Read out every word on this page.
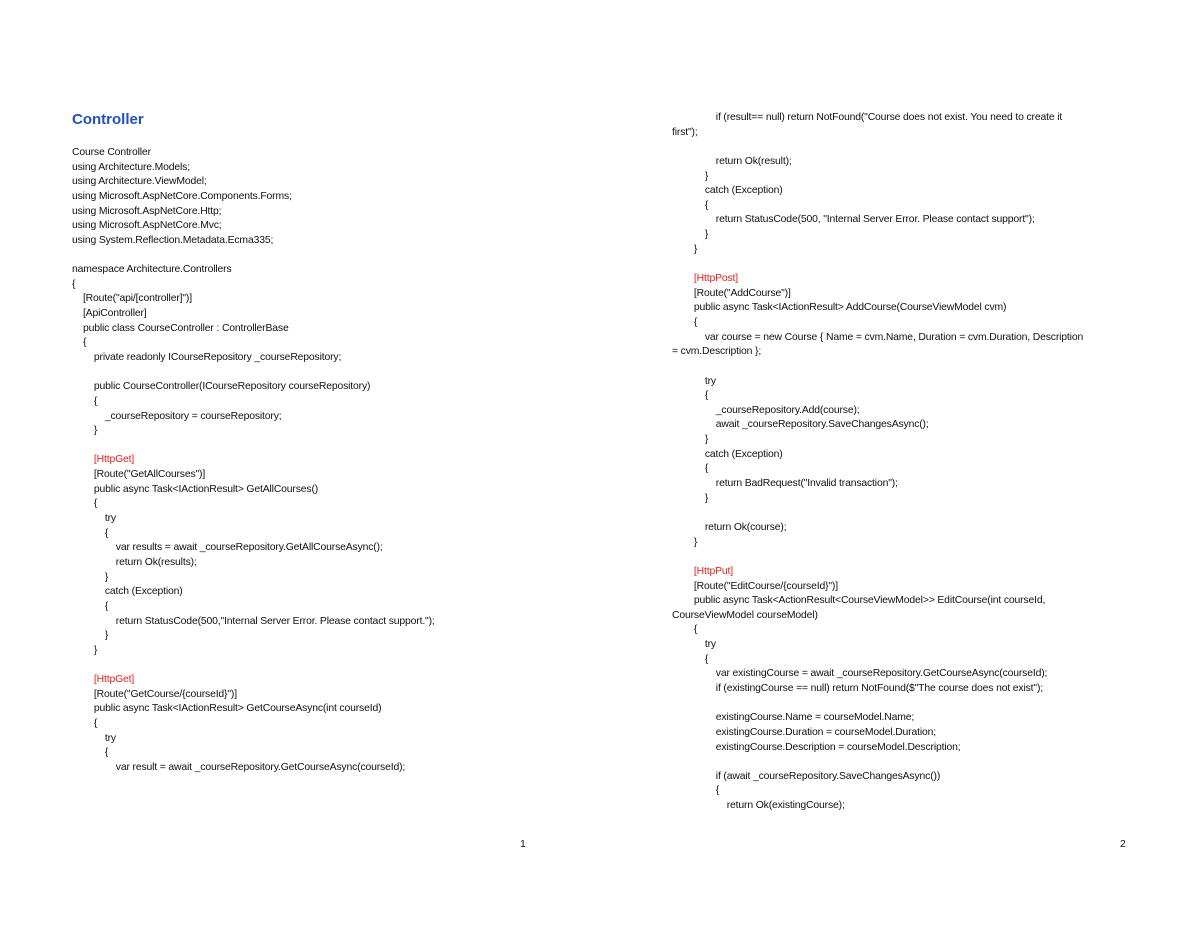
Controller
Course Controller
using Architecture.Models;
using Architecture.ViewModel;
using Microsoft.AspNetCore.Components.Forms;
using Microsoft.AspNetCore.Http;
using Microsoft.AspNetCore.Mvc;
using System.Reflection.Metadata.Ecma335;
namespace Architecture.Controllers
{
[Route("api/[controller]")]
[ApiController]
public class CourseController : ControllerBase
{
private readonly ICourseRepository _courseRepository;
public CourseController(ICourseRepository courseRepository)
{
_courseRepository = courseRepository;
}
[HttpGet]
[Route("GetAllCourses")]
public async Task<IActionResult> GetAllCourses()
{
try
{
var results = await _courseRepository.GetAllCourseAsync();
return Ok(results);
}
catch (Exception)
{
return StatusCode(500,"Internal Server Error. Please contact support.");
}
}
[HttpGet]
[Route("GetCourse/{courseId}")]
public async Task<IActionResult> GetCourseAsync(int courseId)
{
try
{
var result = await _courseRepository.GetCourseAsync(courseId);
1
if (result== null) return NotFound("Course does not exist. You need to create it
first");
return Ok(result);
}
catch (Exception)
{
return StatusCode(500, "Internal Server Error. Please contact support");
}
}
[HttpPost]
[Route("AddCourse")]
public async Task<IActionResult> AddCourse(CourseViewModel cvm)
{
var course = new Course { Name = cvm.Name, Duration = cvm.Duration, Description
= cvm.Description };
try
{
_courseRepository.Add(course);
await _courseRepository.SaveChangesAsync();
}
catch (Exception)
{
return BadRequest("Invalid transaction");
}
return Ok(course);
}
[HttpPut]
[Route("EditCourse/{courseId}")]
public async Task<ActionResult<CourseViewModel>> EditCourse(int courseId,
CourseViewModel courseModel)
{
try
{
var existingCourse = await _courseRepository.GetCourseAsync(courseId);
if (existingCourse == null) return NotFound($"The course does not exist");
existingCourse.Name = courseModel.Name;
existingCourse.Duration = courseModel.Duration;
existingCourse.Description = courseModel.Description;
if (await _courseRepository.SaveChangesAsync())
{
return Ok(existingCourse);
2
